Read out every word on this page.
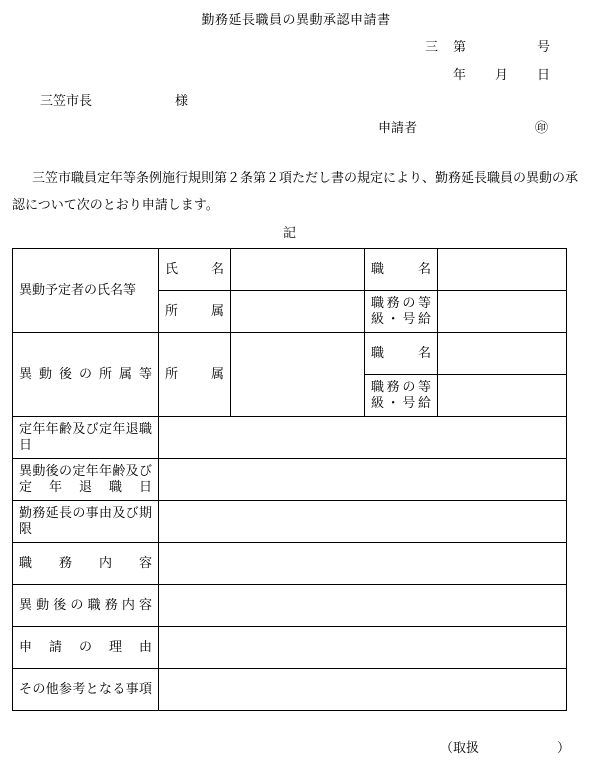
勤務延長職員の異動承認申請書
三 第	号
年 月 日
三笠市長	様
申請者	㊞
三笠市職員定年等条例施行規則第２条第２項ただし書の規定により、勤務延長職員の異動の承認について次のとおり申請します。
記
異動予定者の氏名等	氏　　名		職　　名	
	所　　属		職務の等級・号給	
異動後の所属等	所　　属		職　　名	
			職務の等級・号給	
定年年齢及び定年退職日				
異動後の定年年齢及び定年退職日				
勤務延長の事由及び期限				
職務内容				
異動後の職務内容				
申請の理由				
その他参考となる事項				
（取扱　　　　　　）
